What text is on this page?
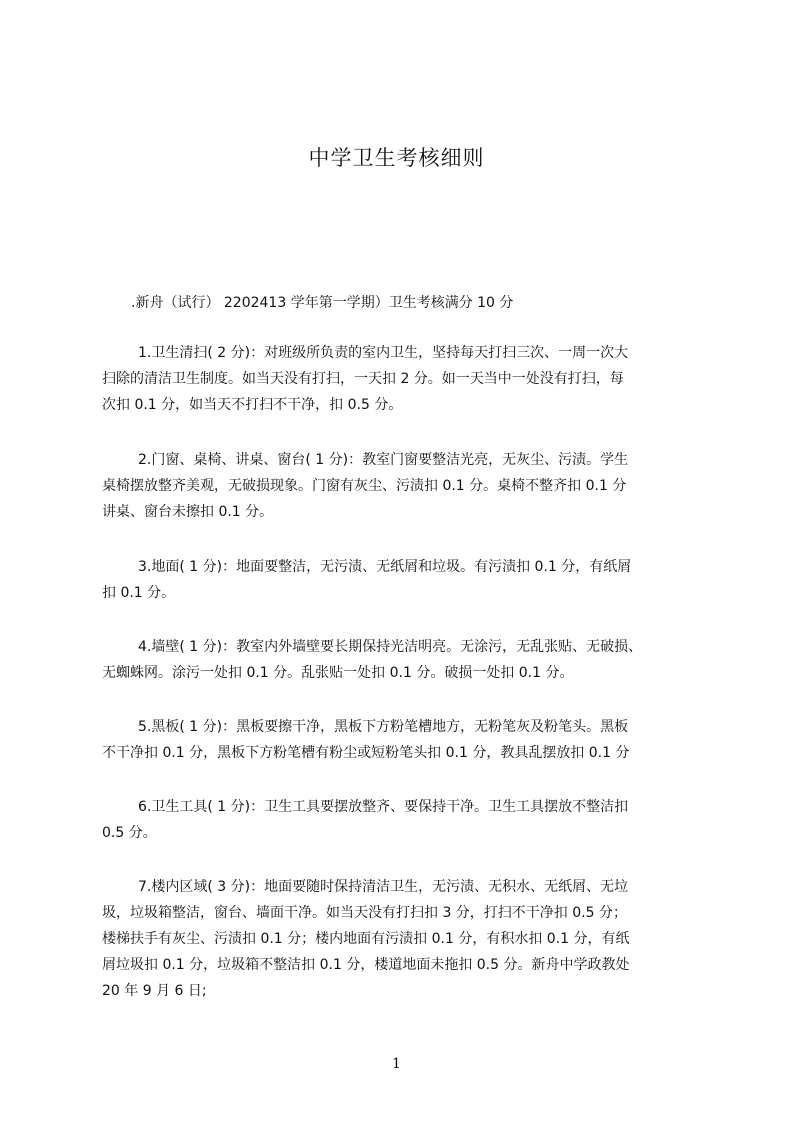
中学卫生考核细则
.新舟（试行） 2202413 学年第一学期）卫生考核满分 10 分
1.卫生清扫( 2 分)：对班级所负责的室内卫生，坚持每天打扫三次、一周一次大
扫除的清洁卫生制度。如当天没有打扫，一天扣 2 分。如一天当中一处没有打扫，每
次扣 0.1 分，如当天不打扫不干净，扣 0.5 分。
2.门窗、桌椅、讲桌、窗台( 1 分)：教室门窗要整洁光亮，无灰尘、污渍。学生
桌椅摆放整齐美观，无破损现象。门窗有灰尘、污渍扣 0.1 分。桌椅不整齐扣 0.1 分
讲桌、窗台未擦扣 0.1 分。
3.地面( 1 分)：地面要整洁，无污渍、无纸屑和垃圾。有污渍扣 0.1 分，有纸屑
扣 0.1 分。
4.墙壁( 1 分)：教室内外墙壁要长期保持光洁明亮。无涂污，无乱张贴、无破损、
无蜘蛛网。涂污一处扣 0.1 分。乱张贴一处扣 0.1 分。破损一处扣 0.1 分。
5.黑板( 1 分)：黑板要擦干净，黑板下方粉笔槽地方，无粉笔灰及粉笔头。黑板
不干净扣 0.1 分，黑板下方粉笔槽有粉尘或短粉笔头扣 0.1 分，教具乱摆放扣 0.1 分
6.卫生工具( 1 分)：卫生工具要摆放整齐、要保持干净。卫生工具摆放不整洁扣
0.5 分。
7.楼内区域( 3 分)：地面要随时保持清洁卫生，无污渍、无积水、无纸屑、无垃
圾，垃圾箱整洁，窗台、墙面干净。如当天没有打扫扣 3 分，打扫不干净扣 0.5 分；
楼梯扶手有灰尘、污渍扣 0.1 分；楼内地面有污渍扣 0.1 分，有积水扣 0.1 分，有纸
屑垃圾扣 0.1 分，垃圾箱不整洁扣 0.1 分，楼道地面未拖扣 0.5 分。新舟中学政教处
20 年 9 月 6 日;
1
